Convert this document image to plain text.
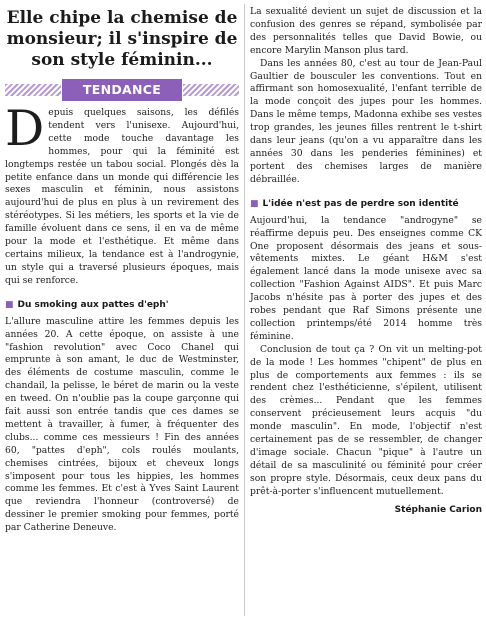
Elle chipe la chemise de monsieur; il s'inspire de son style féminin...
TENDANCE

Depuis quelques saisons, les défilés tendent vers l'unisexe. Aujourd'hui, cette mode touche davantage les hommes, pour qui la féminité est longtemps restée un tabou social. Plongés dès la petite enfance dans un monde qui différencie les sexes masculin et féminin, nous assistons aujourd'hui de plus en plus à un revirement des stéréotypes. Si les métiers, les sports et la vie de famille évoluent dans ce sens, il en va de même pour la mode et l'esthétique. Et même dans certains milieux, la tendance est à l'androgynie, un style qui a traversé plusieurs époques, mais qui se renforce.

■ Du smoking aux pattes d'eph'

L'allure masculine attire les femmes depuis les années 20. A cette époque, on assiste à une "fashion revolution" avec Coco Chanel qui emprunte à son amant, le duc de Westminster, des éléments de costume masculin, comme le chandail, la pelisse, le béret de marin ou la veste en tweed. On n'oublie pas la coupe garçonne qui fait aussi son entrée tandis que ces dames se mettent à travailler, à fumer, à fréquenter des clubs... comme ces messieurs ! Fin des années 60, "pattes d'eph", cols roulés moulants, chemises cintrées, bijoux et cheveux longs s'imposent pour tous les hippies, les hommes comme les femmes. Et c'est à Yves Saint Laurent que reviendra l'honneur (controversé) de dessiner le premier smoking pour femmes, porté par Catherine Deneuve.

La sexualité devient un sujet de discussion et la confusion des genres se répand, symbolisée par des personnalités telles que David Bowie, ou encore Marylin Manson plus tard.

Dans les années 80, c'est au tour de Jean-Paul Gaultier de bousculer les conventions. Tout en affirmant son homosexualité, l'enfant terrible de la mode conçoit des jupes pour les hommes. Dans le même temps, Madonna exhibe ses vestes trop grandes, les jeunes filles rentrent le t-shirt dans leur jeans (qu'on a vu apparaître dans les années 30 dans les penderies féminines) et portent des chemises larges de manière débraillée.

■ L'idée n'est pas de perdre son identité

Aujourd'hui, la tendance "androgyne" se réaffirme depuis peu. Des enseignes comme CK One proposent désormais des jeans et sous-vêtements mixtes. Le géant H&M s'est également lancé dans la mode unisexe avec sa collection "Fashion Against AIDS". Et puis Marc Jacobs n'hésite pas à porter des jupes et des robes pendant que Raf Simons présente une collection printemps/été 2014 homme très féminine.

Conclusion de tout ça ? On vit un melting-pot de la mode ! Les hommes "chipent" de plus en plus de comportements aux femmes : ils se rendent chez l'esthéticienne, s'épilent, utilisent des crèmes... Pendant que les femmes conservent précieusement leurs acquis "du monde masculin". En mode, l'objectif n'est certainement pas de se ressembler, de changer d'image sociale. Chacun "pique" à l'autre un détail de sa masculinité ou féminité pour créer son propre style. Désormais, ceux deux pans du prêt-à-porter s'influencent mutuellement.

Stéphanie Carion
